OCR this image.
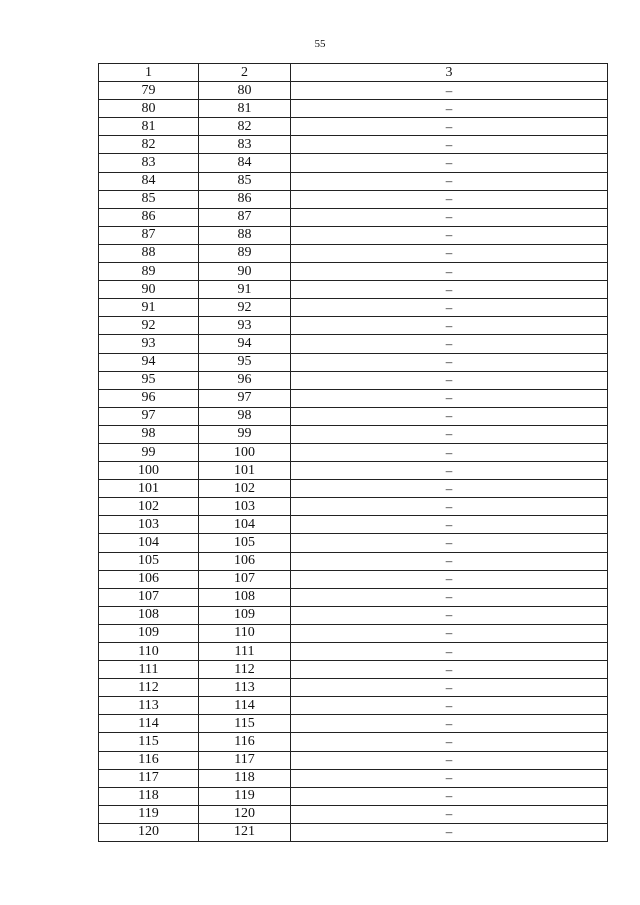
55
1	2	3
79	80	–
80	81	–
81	82	–
82	83	–
83	84	–
84	85	–
85	86	–
86	87	–
87	88	–
88	89	–
89	90	–
90	91	–
91	92	–
92	93	–
93	94	–
94	95	–
95	96	–
96	97	–
97	98	–
98	99	–
99	100	–
100	101	–
101	102	–
102	103	–
103	104	–
104	105	–
105	106	–
106	107	–
107	108	–
108	109	–
109	110	–
110	111	–
111	112	–
112	113	–
113	114	–
114	115	–
115	116	–
116	117	–
117	118	–
118	119	–
119	120	–
120	121	–
